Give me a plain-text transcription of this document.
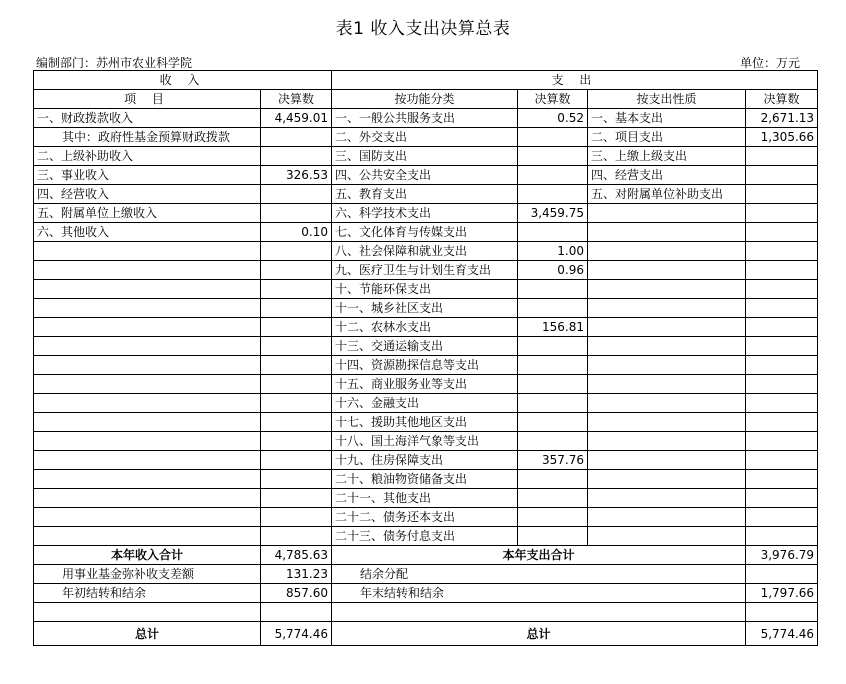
表1 收入支出决算总表
编制部门：苏州市农业科学院	单位：万元
收 入		支 出			
项 目	决算数	按功能分类	决算数	按支出性质	决算数
一、财政拨款收入	4,459.01	一、一般公共服务支出	0.52	一、基本支出	2,671.13
其中：政府性基金预算财政拨款		二、外交支出		二、项目支出	1,305.66
二、上级补助收入		三、国防支出		三、上缴上级支出	
三、事业收入	326.53	四、公共安全支出		四、经营支出	
四、经营收入		五、教育支出		五、对附属单位补助支出	
五、附属单位上缴收入		六、科学技术支出	3,459.75		
六、其他收入	0.10	七、文化体育与传媒支出			
		八、社会保障和就业支出	1.00		
		九、医疗卫生与计划生育支出	0.96		
		十、节能环保支出			
		十一、城乡社区支出			
		十二、农林水支出	156.81		
		十三、交通运输支出			
		十四、资源勘探信息等支出			
		十五、商业服务业等支出			
		十六、金融支出			
		十七、援助其他地区支出			
		十八、国土海洋气象等支出			
		十九、住房保障支出	357.76		
		二十、粮油物资储备支出			
		二十一、其他支出			
		二十二、债务还本支出			
		二十三、债务付息支出			
本年收入合计	4,785.63	本年支出合计			3,976.79
用事业基金弥补收支差额	131.23	结余分配			
年初结转和结余	857.60	年末结转和结余			1,797.66

总计	5,774.46	总计			5,774.46
